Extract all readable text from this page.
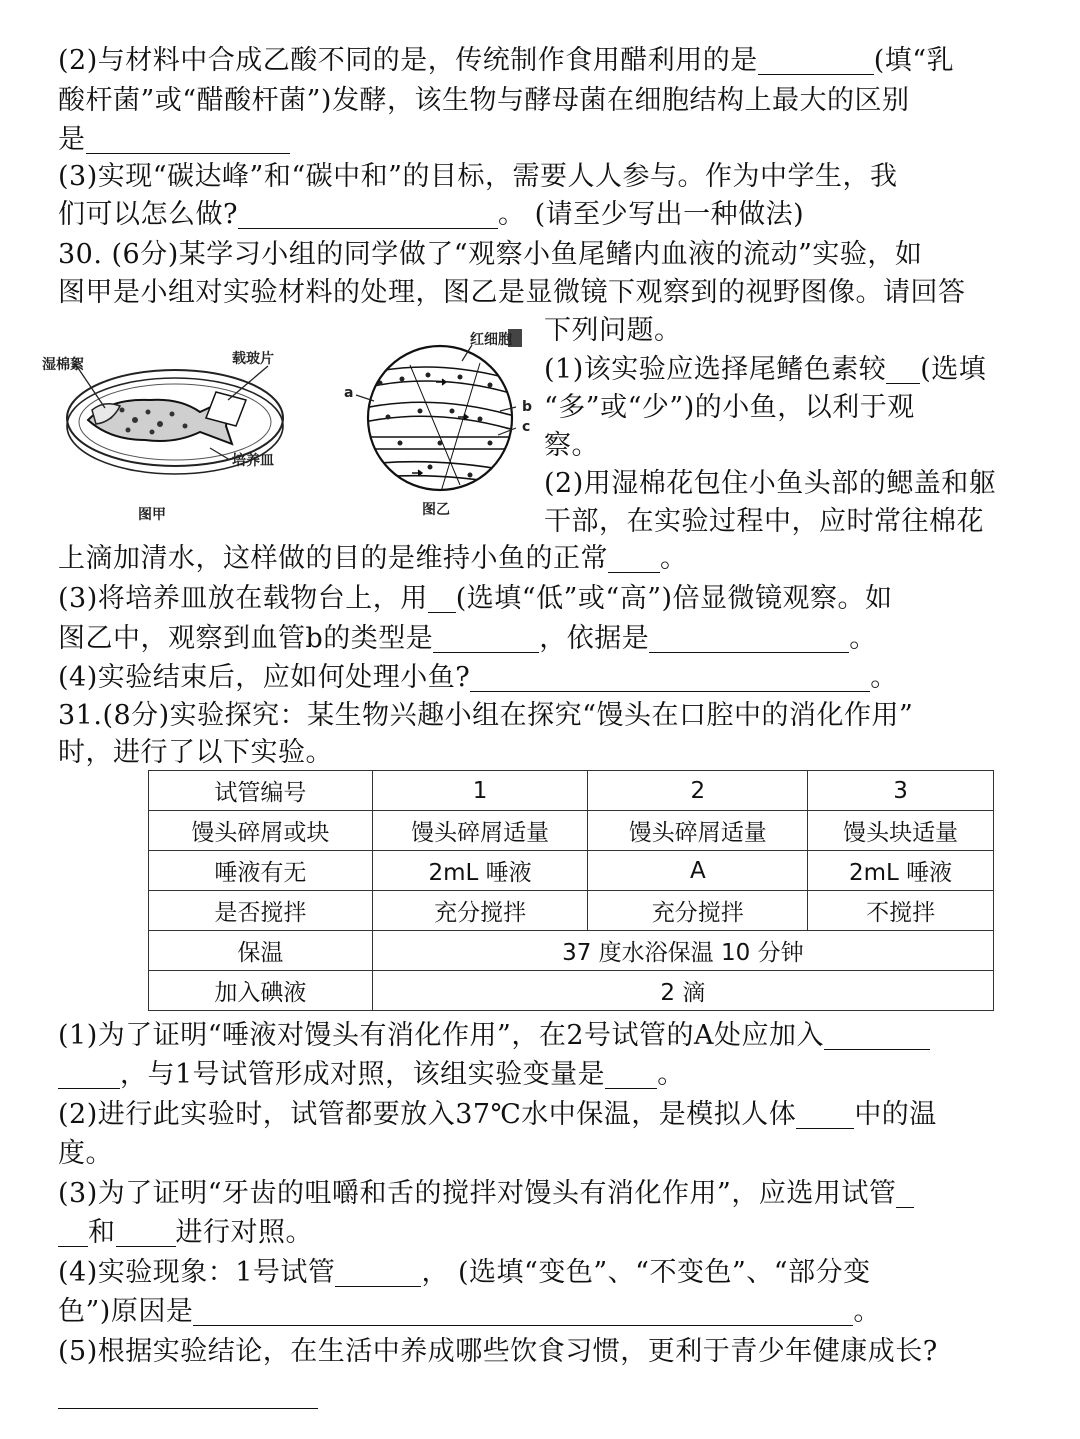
(2)与材料中合成乙酸不同的是，传统制作食用醋利用的是	(填“乳
酸杆菌”或“醋酸杆菌”)发酵，该生物与酵母菌在细胞结构上最大的区别
是
(3)实现“碳达峰”和“碳中和”的目标，需要人人参与。作为中学生，我
们可以怎么做?	。 (请至少写出一种做法)
30. (6分)某学习小组的同学做了“观察小鱼尾鳍内血液的流动”实验，如
图甲是小组对实验材料的处理，图乙是显微镜下观察到的视野图像。请回答
下列问题。
(1)该实验应选择尾鳍色素较 (选填
“多”或“少”)的小鱼，以利于观
察。
(2)用湿棉花包住小鱼头部的鳃盖和躯
干部，在实验过程中，应时常往棉花
上滴加清水，这样做的目的是维持小鱼的正常 。
(3)将培养皿放在载物台上，用 (选填“低”或“高”)倍显微镜观察。如
图乙中，观察到血管b的类型是	，依据是	。
(4)实验结束后，应如何处理小鱼?	。
湿棉絮	载玻片
培养皿
图甲
红细胞
a
b
c
图乙
31.(8分)实验探究：某生物兴趣小组在探究“馒头在口腔中的消化作用”
时，进行了以下实验。
试管编号	1	2	3
馒头碎屑或块	馒头碎屑适量	馒头碎屑适量	馒头块适量
唾液有无	2mL 唾液	A	2mL 唾液
是否搅拌	充分搅拌	充分搅拌	不搅拌
保温	37 度水浴保温 10 分钟		
加入碘液	2 滴		
(1)为了证明“唾液对馒头有消化作用”，在2号试管的A处应加入
，与1号试管形成对照，该组实验变量是 。
(2)进行此实验时，试管都要放入37℃水中保温，是模拟人体 中的温
度。
(3)为了证明“牙齿的咀嚼和舌的搅拌对馒头有消化作用”，应选用试管
和 进行对照。
(4)实验现象：1号试管	， (选填“变色”、“不变色”、“部分变
色”)原因是	。
(5)根据实验结论，在生活中养成哪些饮食习惯，更利于青少年健康成长?
